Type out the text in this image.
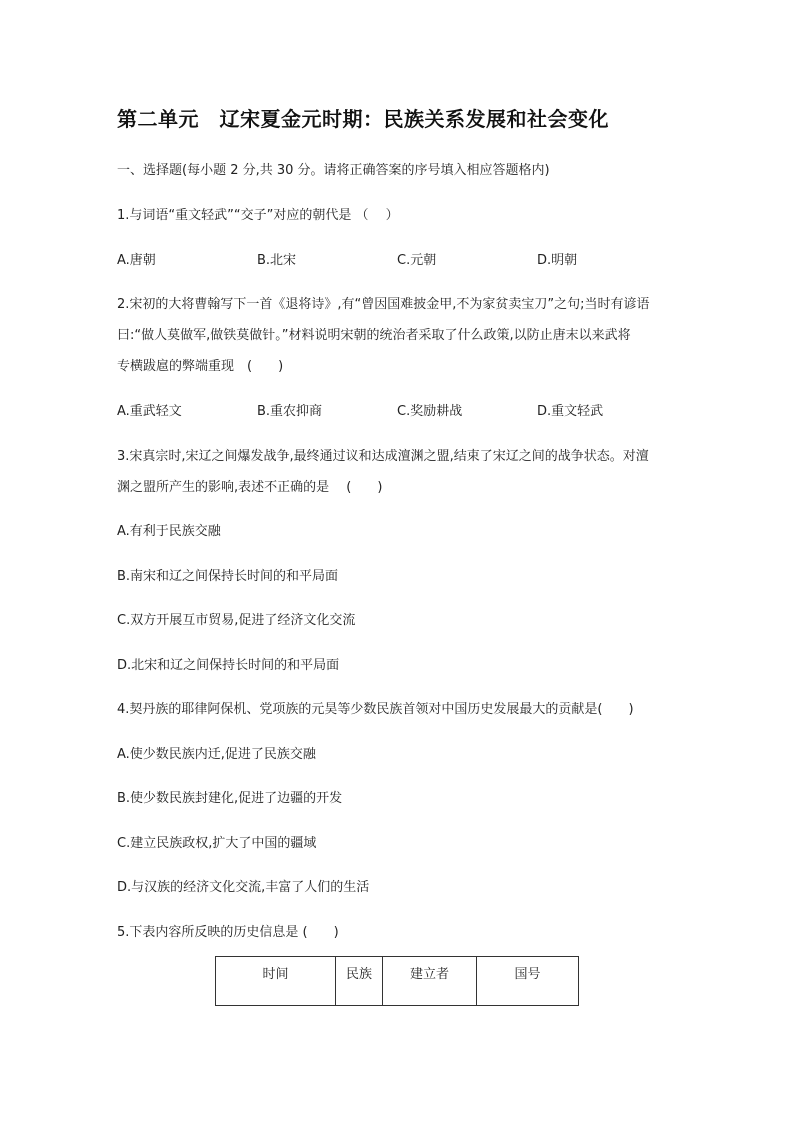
第二单元　辽宋夏金元时期：民族关系发展和社会变化
一、选择题(每小题 2 分,共 30 分。请将正确答案的序号填入相应答题格内)
1.与词语“重文轻武”“交子”对应的朝代是 （　 ）
A.唐朝	B.北宋	C.元朝	D.明朝
2.宋初的大将曹翰写下一首《退将诗》,有“曾因国难披金甲,不为家贫卖宝刀”之句;当时有谚语
曰:“做人莫做军,做铁莫做针。”材料说明宋朝的统治者采取了什么政策,以防止唐末以来武将
专横跋扈的弊端重现　(　　)
A.重武轻文	B.重农抑商	C.奖励耕战	D.重文轻武
3.宋真宗时,宋辽之间爆发战争,最终通过议和达成澶渊之盟,结束了宋辽之间的战争状态。对澶
渊之盟所产生的影响,表述不正确的是　 (　　)
A.有利于民族交融
B.南宋和辽之间保持长时间的和平局面
C.双方开展互市贸易,促进了经济文化交流
D.北宋和辽之间保持长时间的和平局面
4.契丹族的耶律阿保机、党项族的元昊等少数民族首领对中国历史发展最大的贡献是(　　)
A.使少数民族内迁,促进了民族交融
B.使少数民族封建化,促进了边疆的开发
C.建立民族政权,扩大了中国的疆域
D.与汉族的经济文化交流,丰富了人们的生活
5.下表内容所反映的历史信息是 (　　)
时间	民族	建立者	国号
